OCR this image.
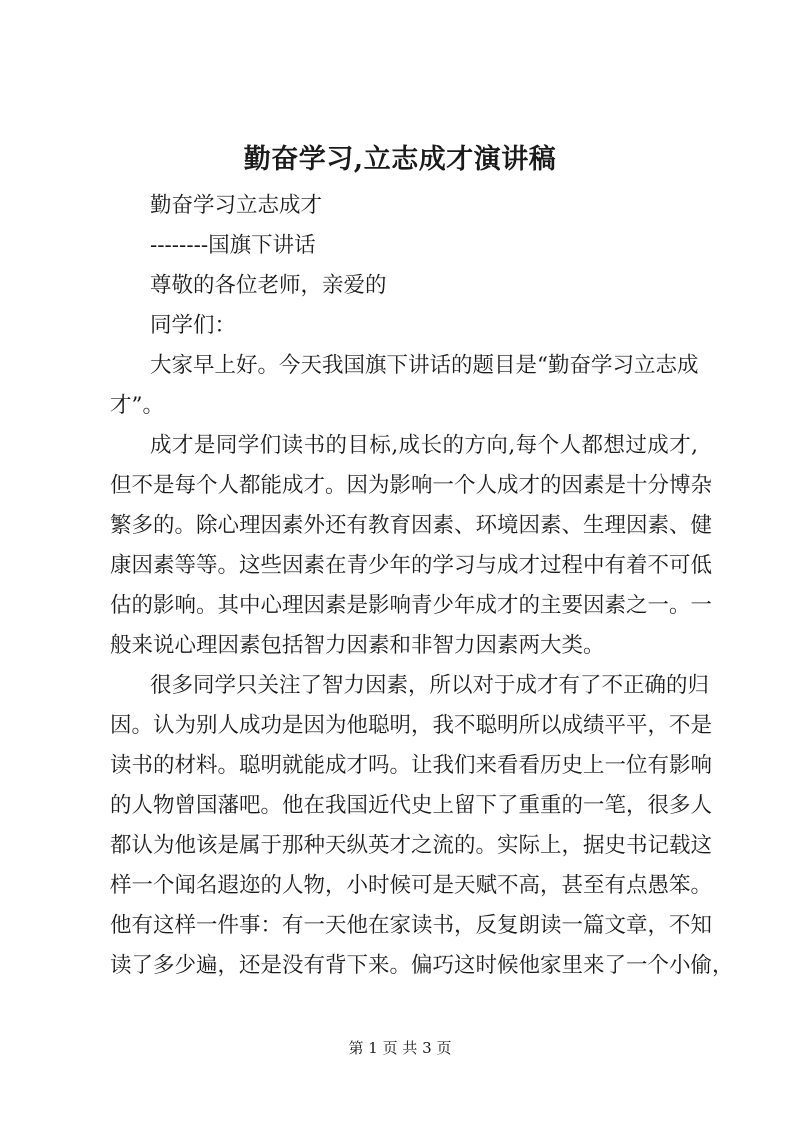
勤奋学习,立志成才演讲稿
勤奋学习立志成才
--------国旗下讲话
尊敬的各位老师，亲爱的
同学们：
大家早上好。今天我国旗下讲话的题目是“勤奋学习立志成
才”。
成才是同学们读书的目标,成长的方向,每个人都想过成才,
但不是每个人都能成才。因为影响一个人成才的因素是十分博杂
繁多的。除心理因素外还有教育因素、环境因素、生理因素、健
康因素等等。这些因素在青少年的学习与成才过程中有着不可低
估的影响。其中心理因素是影响青少年成才的主要因素之一。一
般来说心理因素包括智力因素和非智力因素两大类。
很多同学只关注了智力因素，所以对于成才有了不正确的归
因。认为别人成功是因为他聪明，我不聪明所以成绩平平，不是
读书的材料。聪明就能成才吗。让我们来看看历史上一位有影响
的人物曾国藩吧。他在我国近代史上留下了重重的一笔，很多人
都认为他该是属于那种天纵英才之流的。实际上，据史书记载这
样一个闻名遐迩的人物，小时候可是天赋不高，甚至有点愚笨。
他有这样一件事：有一天他在家读书，反复朗读一篇文章，不知
读了多少遍，还是没有背下来。偏巧这时候他家里来了一个小偷，
第 1 页 共 3 页
